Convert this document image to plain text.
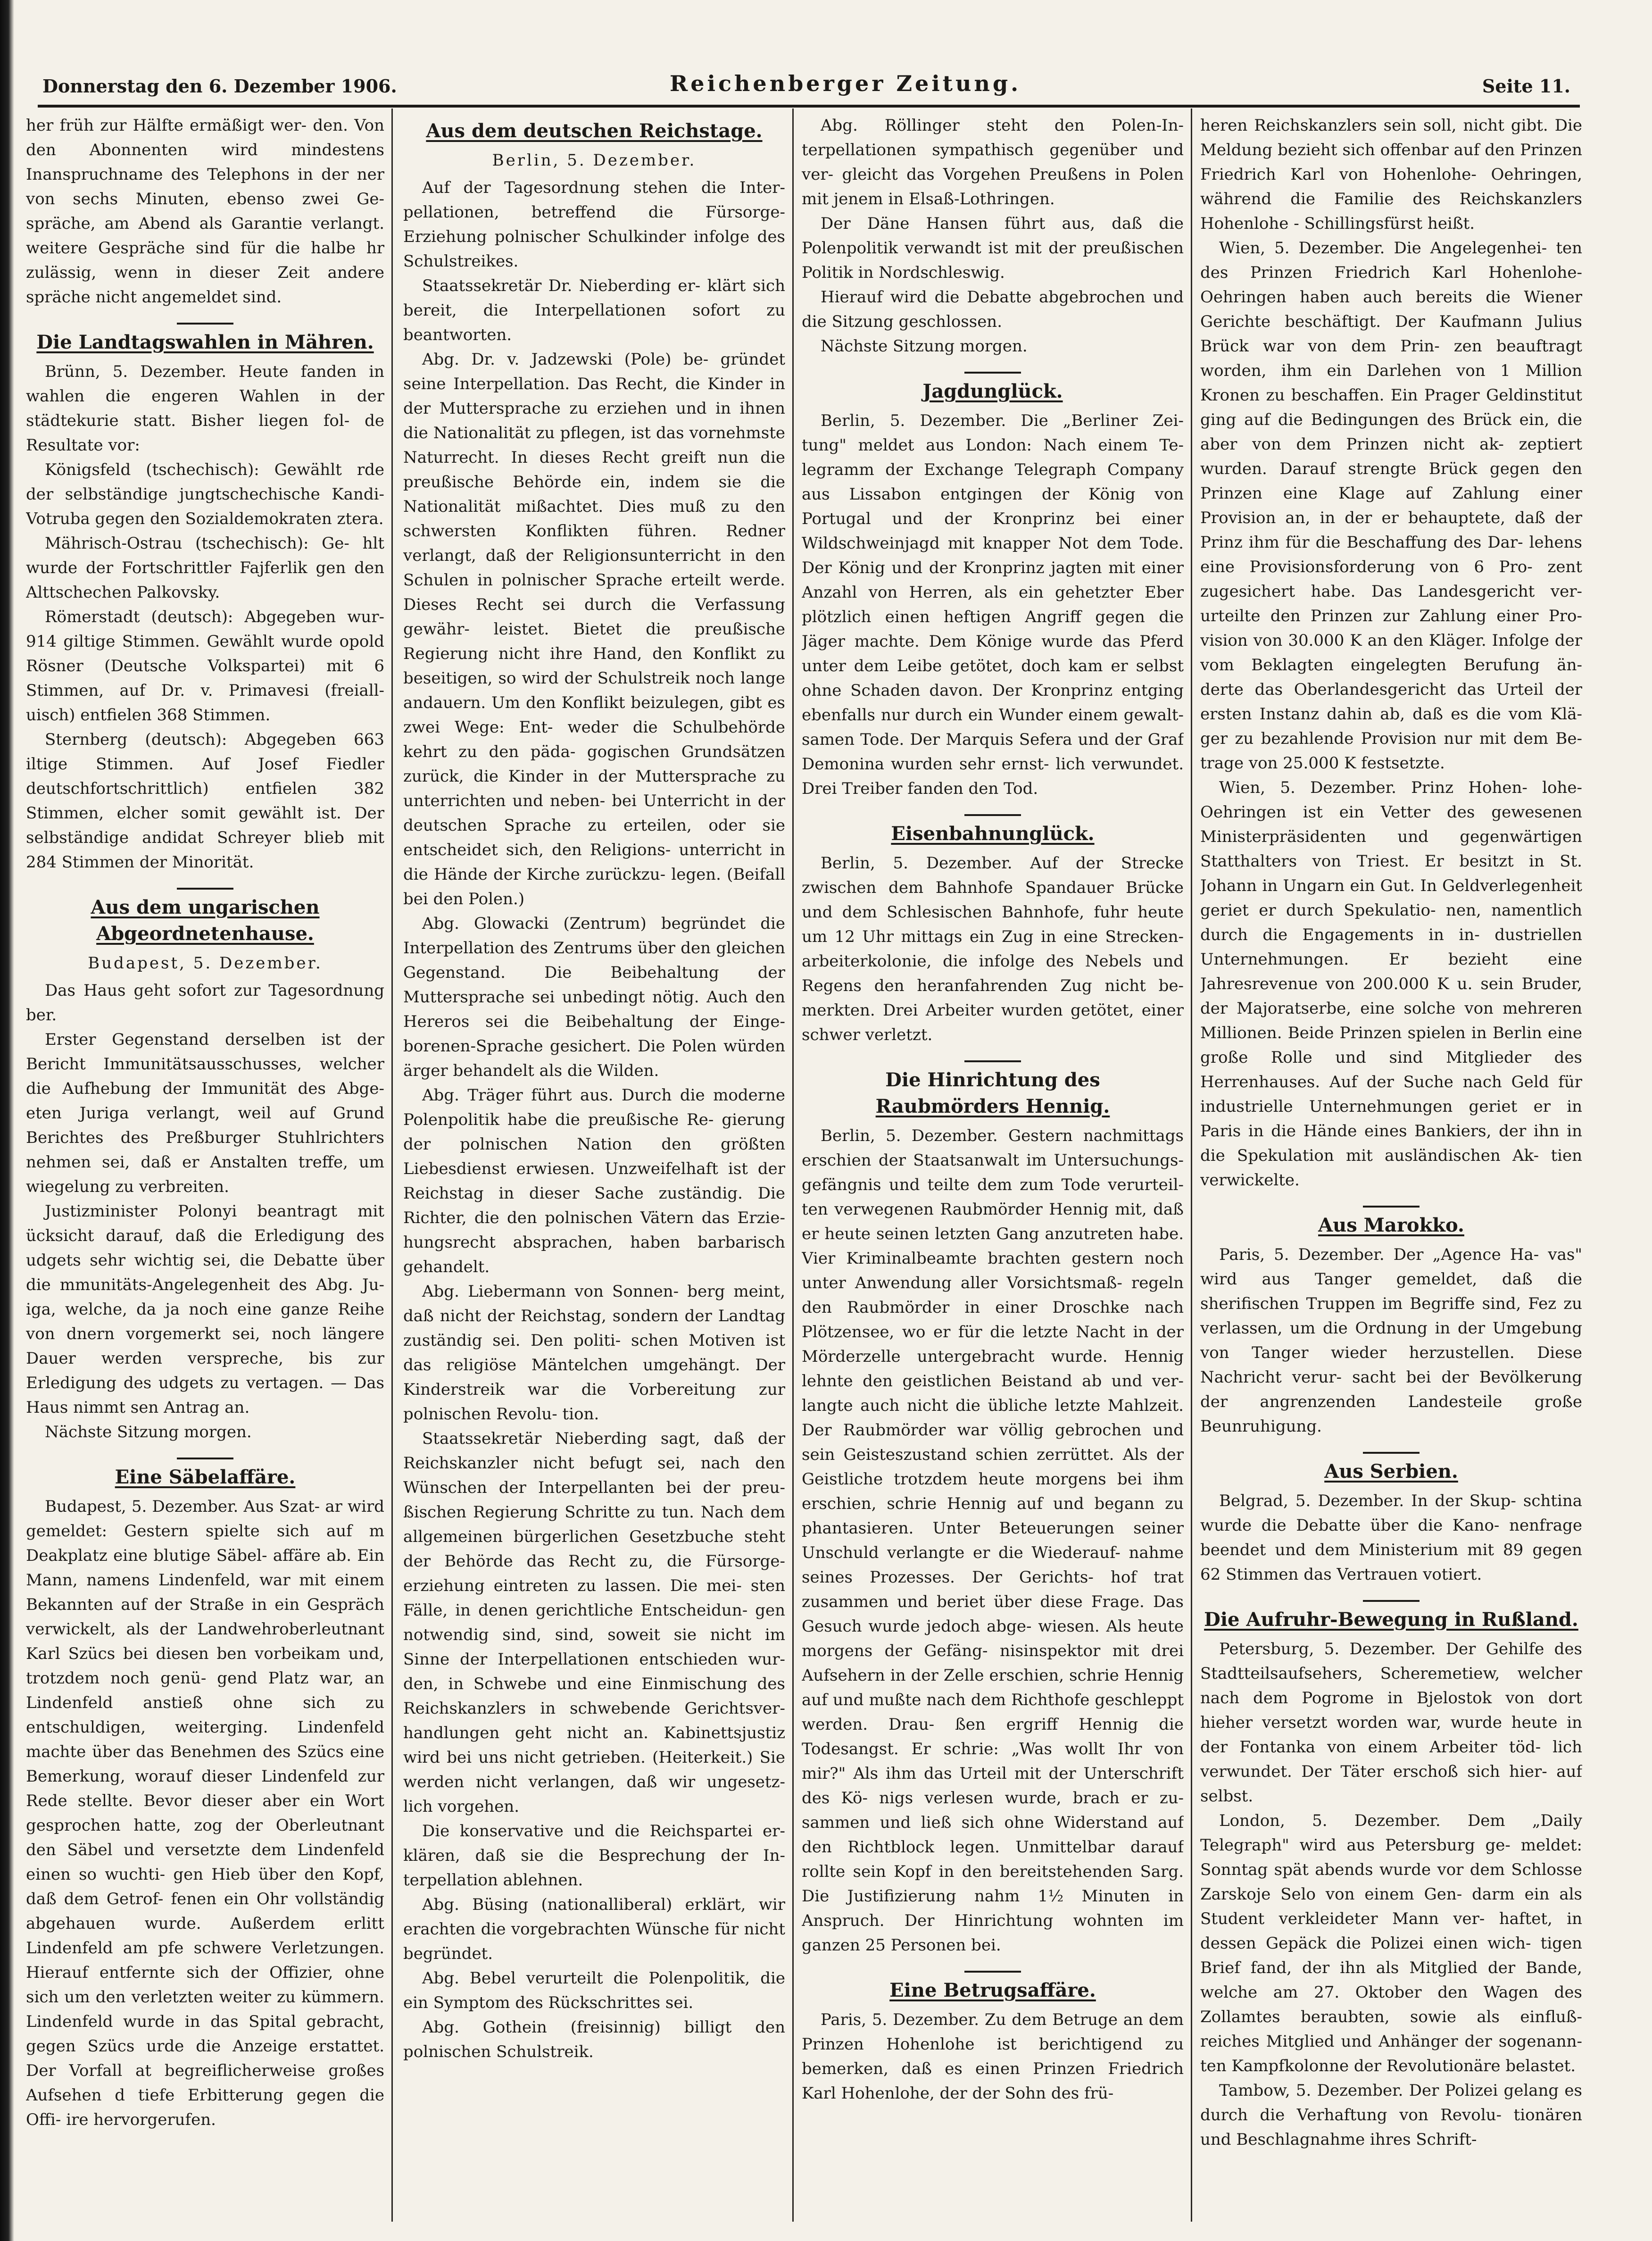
Donnerstag den 6. Dezember 1906.	Reichenberger Zeitung.	Seite 11.

her früh zur Hälfte ermäßigt wer- den. Von den Abonnenten wird mindestens Inanspruchname des Telephons in der ner von sechs Minuten, ebenso zwei Ge- spräche, am Abend als Garantie verlangt. weitere Gespräche sind für die halbe hr zulässig, wenn in dieser Zeit andere spräche nicht angemeldet sind.

Die Landtagswahlen in Mähren.

Brünn, 5. Dezember. Heute fanden in wahlen die engeren Wahlen in der städtekurie statt. Bisher liegen fol- de Resultate vor:

Königsfeld (tschechisch): Gewählt rde der selbständige jungtschechische Kandi- Votruba gegen den Sozialdemokraten ztera.

Mährisch-Ostrau (tschechisch): Ge- hlt wurde der Fortschrittler Fajferlik gen den Alttschechen Palkovsky.

Römerstadt (deutsch): Abgegeben wur- 914 giltige Stimmen. Gewählt wurde opold Rösner (Deutsche Volkspartei) mit 6 Stimmen, auf Dr. v. Primavesi (freiall- uisch) entfielen 368 Stimmen.

Sternberg (deutsch): Abgegeben 663 iltige Stimmen. Auf Josef Fiedler deutschfortschrittlich) entfielen 382 Stimmen, elcher somit gewählt ist. Der selbständige andidat Schreyer blieb mit 284 Stimmen der Minorität.

Aus dem ungarischen Abgeordnetenhause.
Budapest, 5. Dezember.

Das Haus geht sofort zur Tagesordnung ber.

Erster Gegenstand derselben ist der Bericht Immunitätsausschusses, welcher die Aufhebung der Immunität des Abge- eten Juriga verlangt, weil auf Grund Berichtes des Preßburger Stuhlrichters nehmen sei, daß er Anstalten treffe, um wiegelung zu verbreiten.

Justizminister Polonyi beantragt mit ücksicht darauf, daß die Erledigung des udgets sehr wichtig sei, die Debatte über die mmunitäts-Angelegenheit des Abg. Ju- iga, welche, da ja noch eine ganze Reihe von dnern vorgemerkt sei, noch längere Dauer werden verspreche, bis zur Erledigung des udgets zu vertagen. — Das Haus nimmt sen Antrag an.

Nächste Sitzung morgen.

Eine Säbelaffäre.

Budapest, 5. Dezember. Aus Szat- ar wird gemeldet: Gestern spielte sich auf m Deakplatz eine blutige Säbel- affäre ab. Ein Mann, namens Lindenfeld, war mit einem Bekannten auf der Straße in ein Gespräch verwickelt, als der Landwehroberleutnant Karl Szücs bei diesen ben vorbeikam und, trotzdem noch genü- gend Platz war, an Lindenfeld anstieß ohne sich zu entschuldigen, weiterging. Lindenfeld machte über das Benehmen des Szücs eine Bemerkung, worauf dieser Lindenfeld zur Rede stellte. Bevor dieser aber ein Wort gesprochen hatte, zog der Oberleutnant den Säbel und versetzte dem Lindenfeld einen so wuchti- gen Hieb über den Kopf, daß dem Getrof- fenen ein Ohr vollständig abgehauen wurde. Außerdem erlitt Lindenfeld am pfe schwere Verletzungen. Hierauf entfernte sich der Offizier, ohne sich um den verletzten weiter zu kümmern. Lindenfeld wurde in das Spital gebracht, gegen Szücs urde die Anzeige erstattet. Der Vorfall at begreiflicherweise großes Aufsehen d tiefe Erbitterung gegen die Offi- ire hervorgerufen.

Aus dem deutschen Reichstage.
Berlin, 5. Dezember.

Auf der Tagesordnung stehen die Inter- pellationen, betreffend die Fürsorge-Erziehung polnischer Schulkinder infolge des Schulstreikes.

Staatssekretär Dr. Nieberding er- klärt sich bereit, die Interpellationen sofort zu beantworten.

Abg. Dr. v. Jadzewski (Pole) be- gründet seine Interpellation. Das Recht, die Kinder in der Muttersprache zu erziehen und in ihnen die Nationalität zu pflegen, ist das vornehmste Naturrecht. In dieses Recht greift nun die preußische Behörde ein, indem sie die Nationalität mißachtet. Dies muß zu den schwersten Konflikten führen. Redner verlangt, daß der Religionsunterricht in den Schulen in polnischer Sprache erteilt werde. Dieses Recht sei durch die Verfassung gewähr- leistet. Bietet die preußische Regierung nicht ihre Hand, den Konflikt zu beseitigen, so wird der Schulstreik noch lange andauern. Um den Konflikt beizulegen, gibt es zwei Wege: Ent- weder die Schulbehörde kehrt zu den päda- gogischen Grundsätzen zurück, die Kinder in der Muttersprache zu unterrichten und neben- bei Unterricht in der deutschen Sprache zu erteilen, oder sie entscheidet sich, den Religions- unterricht in die Hände der Kirche zurückzu- legen. (Beifall bei den Polen.)

Abg. Glowacki (Zentrum) begründet die Interpellation des Zentrums über den gleichen Gegenstand. Die Beibehaltung der Muttersprache sei unbedingt nötig. Auch den Hereros sei die Beibehaltung der Einge- borenen-Sprache gesichert. Die Polen würden ärger behandelt als die Wilden.

Abg. Träger führt aus. Durch die moderne Polenpolitik habe die preußische Re- gierung der polnischen Nation den größten Liebesdienst erwiesen. Unzweifelhaft ist der Reichstag in dieser Sache zuständig. Die Richter, die den polnischen Vätern das Erzie- hungsrecht absprachen, haben barbarisch gehandelt.

Abg. Liebermann von Sonnen- berg meint, daß nicht der Reichstag, sondern der Landtag zuständig sei. Den politi- schen Motiven ist das religiöse Mäntelchen umgehängt. Der Kinderstreik war die Vorbereitung zur polnischen Revolu- tion.

Staatssekretär Nieberding sagt, daß der Reichskanzler nicht befugt sei, nach den Wünschen der Interpellanten bei der preu- ßischen Regierung Schritte zu tun. Nach dem allgemeinen bürgerlichen Gesetzbuche steht der Behörde das Recht zu, die Fürsorge- erziehung eintreten zu lassen. Die mei- sten Fälle, in denen gerichtliche Entscheidun- gen notwendig sind, sind, soweit sie nicht im Sinne der Interpellationen entschieden wur- den, in Schwebe und eine Einmischung des Reichskanzlers in schwebende Gerichtsver- handlungen geht nicht an. Kabinettsjustiz wird bei uns nicht getrieben. (Heiterkeit.) Sie werden nicht verlangen, daß wir ungesetz- lich vorgehen.

Die konservative und die Reichspartei er- klären, daß sie die Besprechung der In- terpellation ablehnen.

Abg. Büsing (nationalliberal) erklärt, wir erachten die vorgebrachten Wünsche für nicht begründet.

Abg. Bebel verurteilt die Polenpolitik, die ein Symptom des Rückschrittes sei.

Abg. Gothein (freisinnig) billigt den polnischen Schulstreik.

Abg. Röllinger steht den Polen-In- terpellationen sympathisch gegenüber und ver- gleicht das Vorgehen Preußens in Polen mit jenem in Elsaß-Lothringen.

Der Däne Hansen führt aus, daß die Polenpolitik verwandt ist mit der preußischen Politik in Nordschleswig.

Hierauf wird die Debatte abgebrochen und die Sitzung geschlossen.

Nächste Sitzung morgen.

Jagdunglück.

Berlin, 5. Dezember. Die „Berliner Zei- tung" meldet aus London: Nach einem Te- legramm der Exchange Telegraph Company aus Lissabon entgingen der König von Portugal und der Kronprinz bei einer Wildschweinjagd mit knapper Not dem Tode. Der König und der Kronprinz jagten mit einer Anzahl von Herren, als ein gehetzter Eber plötzlich einen heftigen Angriff gegen die Jäger machte. Dem Könige wurde das Pferd unter dem Leibe getötet, doch kam er selbst ohne Schaden davon. Der Kronprinz entging ebenfalls nur durch ein Wunder einem gewalt- samen Tode. Der Marquis Sefera und der Graf Demonina wurden sehr ernst- lich verwundet. Drei Treiber fanden den Tod.

Eisenbahnunglück.

Berlin, 5. Dezember. Auf der Strecke zwischen dem Bahnhofe Spandauer Brücke und dem Schlesischen Bahnhofe, fuhr heute um 12 Uhr mittags ein Zug in eine Strecken- arbeiterkolonie, die infolge des Nebels und Regens den heranfahrenden Zug nicht be- merkten. Drei Arbeiter wurden getötet, einer schwer verletzt.

Die Hinrichtung des
Raubmörders Hennig.

Berlin, 5. Dezember. Gestern nachmittags erschien der Staatsanwalt im Untersuchungs- gefängnis und teilte dem zum Tode verurteil- ten verwegenen Raubmörder Hennig mit, daß er heute seinen letzten Gang anzutreten habe. Vier Kriminalbeamte brachten gestern noch unter Anwendung aller Vorsichtsmaß- regeln den Raubmörder in einer Droschke nach Plötzensee, wo er für die letzte Nacht in der Mörderzelle untergebracht wurde. Hennig lehnte den geistlichen Beistand ab und ver- langte auch nicht die übliche letzte Mahlzeit. Der Raubmörder war völlig gebrochen und sein Geisteszustand schien zerrüttet. Als der Geistliche trotzdem heute morgens bei ihm erschien, schrie Hennig auf und begann zu phantasieren. Unter Beteuerungen seiner Unschuld verlangte er die Wiederauf- nahme seines Prozesses. Der Gerichts- hof trat zusammen und beriet über diese Frage. Das Gesuch wurde jedoch abge- wiesen. Als heute morgens der Gefäng- nisinspektor mit drei Aufsehern in der Zelle erschien, schrie Hennig auf und mußte nach dem Richthofe geschleppt werden. Drau- ßen ergriff Hennig die Todesangst. Er schrie: „Was wollt Ihr von mir?" Als ihm das Urteil mit der Unterschrift des Kö- nigs verlesen wurde, brach er zu- sammen und ließ sich ohne Widerstand auf den Richtblock legen. Unmittelbar darauf rollte sein Kopf in den bereitstehenden Sarg. Die Justifizierung nahm 1½ Minuten in Anspruch. Der Hinrichtung wohnten im ganzen 25 Personen bei.

Eine Betrugsaffäre.

Paris, 5. Dezember. Zu dem Betruge an dem Prinzen Hohenlohe ist berichtigend zu bemerken, daß es einen Prinzen Friedrich Karl Hohenlohe, der der Sohn des frü-

heren Reichskanzlers sein soll, nicht gibt. Die Meldung bezieht sich offenbar auf den Prinzen Friedrich Karl von Hohenlohe- Oehringen, während die Familie des Reichskanzlers Hohenlohe - Schillingsfürst heißt.

Wien, 5. Dezember. Die Angelegenhei- ten des Prinzen Friedrich Karl Hohenlohe-Oehringen haben auch bereits die Wiener Gerichte beschäftigt. Der Kaufmann Julius Brück war von dem Prin- zen beauftragt worden, ihm ein Darlehen von 1 Million Kronen zu beschaffen. Ein Prager Geldinstitut ging auf die Bedingungen des Brück ein, die aber von dem Prinzen nicht ak- zeptiert wurden. Darauf strengte Brück gegen den Prinzen eine Klage auf Zahlung einer Provision an, in der er behauptete, daß der Prinz ihm für die Beschaffung des Dar- lehens eine Provisionsforderung von 6 Pro- zent zugesichert habe. Das Landesgericht ver- urteilte den Prinzen zur Zahlung einer Pro- vision von 30.000 K an den Kläger. Infolge der vom Beklagten eingelegten Berufung än- derte das Oberlandesgericht das Urteil der ersten Instanz dahin ab, daß es die vom Klä- ger zu bezahlende Provision nur mit dem Be- trage von 25.000 K festsetzte.

Wien, 5. Dezember. Prinz Hohen- lohe-Oehringen ist ein Vetter des gewesenen Ministerpräsidenten und gegenwärtigen Statthalters von Triest. Er besitzt in St. Johann in Ungarn ein Gut. In Geldverlegenheit geriet er durch Spekulatio- nen, namentlich durch die Engagements in in- dustriellen Unternehmungen. Er bezieht eine Jahresrevenue von 200.000 K u. sein Bruder, der Majoratserbe, eine solche von mehreren Millionen. Beide Prinzen spielen in Berlin eine große Rolle und sind Mitglieder des Herrenhauses. Auf der Suche nach Geld für industrielle Unternehmungen geriet er in Paris in die Hände eines Bankiers, der ihn in die Spekulation mit ausländischen Ak- tien verwickelte.

Aus Marokko.

Paris, 5. Dezember. Der „Agence Ha- vas" wird aus Tanger gemeldet, daß die sherifischen Truppen im Begriffe sind, Fez zu verlassen, um die Ordnung in der Umgebung von Tanger wieder herzustellen. Diese Nachricht verur- sacht bei der Bevölkerung der angrenzenden Landesteile große Beunruhigung.

Aus Serbien.

Belgrad, 5. Dezember. In der Skup- schtina wurde die Debatte über die Kano- nenfrage beendet und dem Ministerium mit 89 gegen 62 Stimmen das Vertrauen votiert.

Die Aufruhr-Bewegung in Rußland.

Petersburg, 5. Dezember. Der Gehilfe des Stadtteilsaufsehers, Scheremetiew, welcher nach dem Pogrome in Bjelostok von dort hieher versetzt worden war, wurde heute in der Fontanka von einem Arbeiter töd- lich verwundet. Der Täter erschoß sich hier- auf selbst.

London, 5. Dezember. Dem „Daily Telegraph" wird aus Petersburg ge- meldet: Sonntag spät abends wurde vor dem Schlosse Zarskoje Selo von einem Gen- darm ein als Student verkleideter Mann ver- haftet, in dessen Gepäck die Polizei einen wich- tigen Brief fand, der ihn als Mitglied der Bande, welche am 27. Oktober den Wagen des Zollamtes beraubten, sowie als einfluß- reiches Mitglied und Anhänger der sogenann- ten Kampfkolonne der Revolutionäre belastet.

Tambow, 5. Dezember. Der Polizei gelang es durch die Verhaftung von Revolu- tionären und Beschlagnahme ihres Schrift-
